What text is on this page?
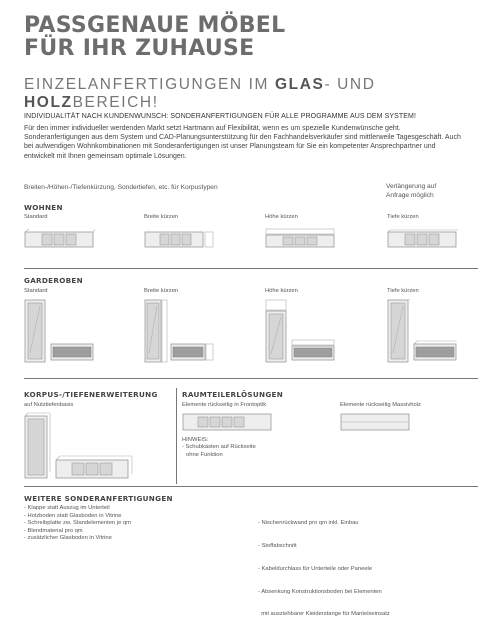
PASSGENAUE MÖBEL
FÜR IHR ZUHAUSE
EINZELANFERTIGUNGEN IM GLAS- UND HOLZBEREICH!
INDIVIDUALITÄT NACH KUNDENWUNSCH: SONDERANFERTIGUNGEN FÜR ALLE PROGRAMME AUS DEM SYSTEM!
Für den immer individueller werdenden Markt setzt Hartmann auf Flexibilität, wenn es um spezielle Kundenwünsche geht. Sonderanfertigungen aus dem System und CAD-Planungsunterstützung für den Fachhandelsverkäufer sind mittlerweile Tagesgeschäft. Auch bei aufwendigen Wohnkombinationen mit Sonderanfertigungen ist unser Planungsteam für Sie ein kompetenter Ansprechpartner und entwickelt mit Ihnen gemeinsam optimale Lösungen.
Breiten-/Höhen-/Tiefenkürzung, Sondertiefen, etc. für Korpustypen	Verlängerung auf
Anfrage möglich
WOHNEN
Standard	Breite kürzen	Höhe kürzen	Tiefe kürzen
GARDEROBEN
Standard	Breite kürzen	Höhe kürzen	Tiefe kürzen
KORPUS-/TIEFENERWEITERUNG
auf Nutztiefenbasis
RAUMTEILERLÖSUNGEN
Elemente rückseitig in Frontoptik	Elemente rückseitig Massivholz
HINWEIS:
- Schubkästen auf Rückseite
ohne Funktion
WEITERE SONDERANFERTIGUNGEN
- Klappe statt Auszug im Unterteil
- Holzboden statt Glasboden in Vitrine
- Schreibplatte zw. Standelementen je qm
- Blendmaterial pro qm
- zusätzlicher Glasboden in Vitrine

- Nischenrückwand pro qm inkl. Einbau

- Stoffabschnitt

- Kabeldurchlass für Unterteile oder Paneele

- Absenkung Konstruktionsboden bei Elementen

mit ausziehbarer Kleiderstange für Mantelseinsatz
